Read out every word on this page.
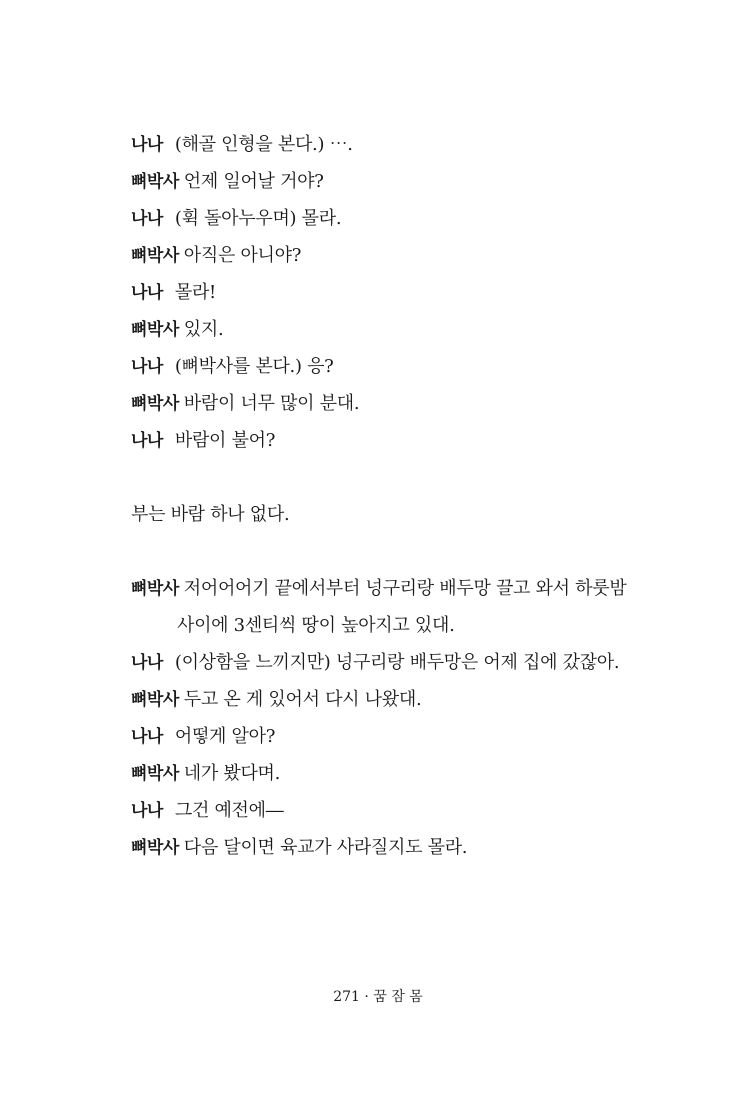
나나 (해골 인형을 본다.) ⋯.
뼈박사 언제 일어날 거야?
나나 (휙 돌아누우며) 몰라.
뼈박사 아직은 아니야?
나나 몰라!
뼈박사 있지.
나나 (뼈박사를 본다.) 응?
뼈박사 바람이 너무 많이 분대.
나나 바람이 불어?
부는 바람 하나 없다.
뼈박사 저어어어기 끝에서부터 넝구리랑 배두망 끌고 와서 하룻밤
사이에 3센티씩 땅이 높아지고 있대.
나나 (이상함을 느끼지만) 넝구리랑 배두망은 어제 집에 갔잖아.
뼈박사 두고 온 게 있어서 다시 나왔대.
나나 어떻게 알아?
뼈박사 네가 봤다며.
나나 그건 예전에―
뼈박사 다음 달이면 육교가 사라질지도 몰라.
271 · 꿈 잠 몸
